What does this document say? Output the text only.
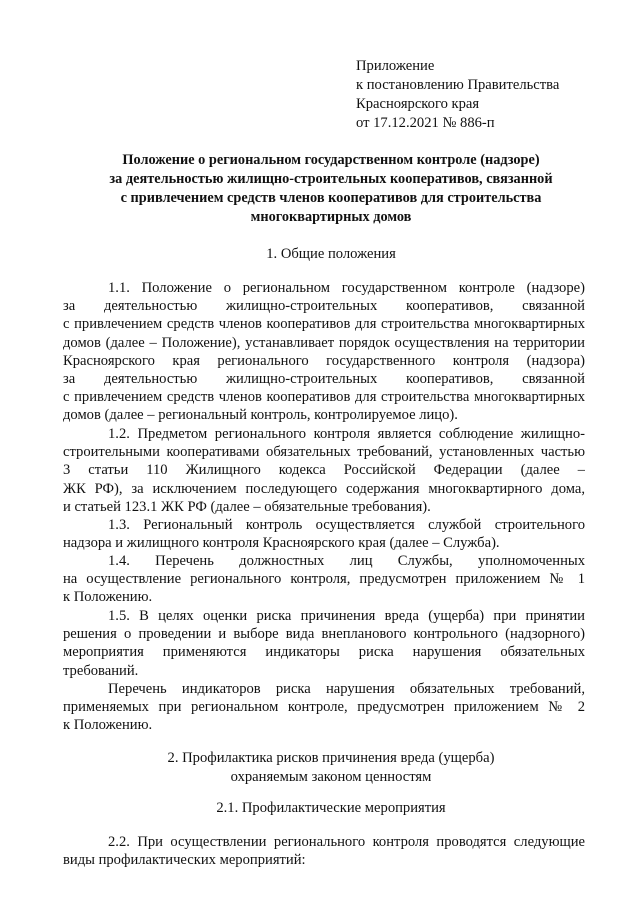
Приложение
к постановлению Правительства
Красноярского края
от 17.12.2021 № 886-п
Положение о региональном государственном контроле (надзоре)
за деятельностью жилищно-строительных кооперативов, связанной
с привлечением средств членов кооперативов для строительства
многоквартирных домов
1. Общие положения
1.1. Положение о региональном государственном контроле (надзоре)
за деятельностью жилищно-строительных кооперативов, связанной
с привлечением средств членов кооперативов для строительства многоквартирных
домов (далее – Положение), устанавливает порядок осуществления на территории
Красноярского края регионального государственного контроля (надзора)
за деятельностью жилищно-строительных кооперативов, связанной
с привлечением средств членов кооперативов для строительства многоквартирных
домов (далее – региональный контроль, контролируемое лицо).
1.2. Предметом регионального контроля является соблюдение жилищно-
строительными кооперативами обязательных требований, установленных частью
3 статьи 110 Жилищного кодекса Российской Федерации (далее –
ЖК РФ), за исключением последующего содержания многоквартирного дома,
и статьей 123.1 ЖК РФ (далее – обязательные требования).
1.3. Региональный контроль осуществляется службой строительного
надзора и жилищного контроля Красноярского края (далее – Служба).
1.4. Перечень должностных лиц Службы, уполномоченных
на осуществление регионального контроля, предусмотрен приложением № 1
к Положению.
1.5. В целях оценки риска причинения вреда (ущерба) при принятии
решения о проведении и выборе вида внепланового контрольного (надзорного)
мероприятия применяются индикаторы риска нарушения обязательных
требований.
Перечень индикаторов риска нарушения обязательных требований,
применяемых при региональном контроле, предусмотрен приложением № 2
к Положению.
2. Профилактика рисков причинения вреда (ущерба)
охраняемым законом ценностям
2.1. Профилактические мероприятия
2.2. При осуществлении регионального контроля проводятся следующие
виды профилактических мероприятий:
